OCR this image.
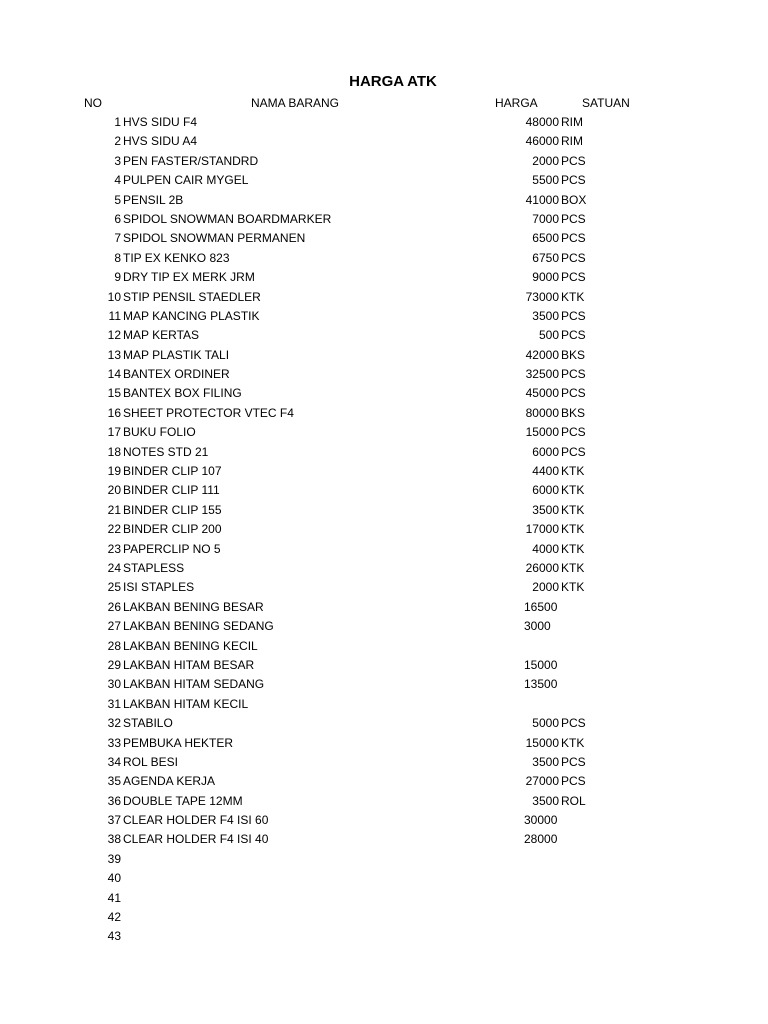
HARGA ATK
NO	NAMA BARANG	HARGA	SATUAN
1 HVS SIDU F4	48000 RIM
2 HVS SIDU A4	46000 RIM
3 PEN FASTER/STANDRD	2000 PCS
4 PULPEN CAIR MYGEL	5500 PCS
5 PENSIL 2B	41000 BOX
6 SPIDOL SNOWMAN BOARDMARKER	7000 PCS
7 SPIDOL SNOWMAN PERMANEN	6500 PCS
8 TIP EX KENKO 823	6750 PCS
9 DRY TIP EX MERK JRM	9000 PCS
10 STIP PENSIL STAEDLER	73000 KTK
11 MAP KANCING PLASTIK	3500 PCS
12 MAP KERTAS	500 PCS
13 MAP PLASTIK TALI	42000 BKS
14 BANTEX ORDINER	32500 PCS
15 BANTEX BOX FILING	45000 PCS
16 SHEET PROTECTOR VTEC F4	80000 BKS
17 BUKU FOLIO	15000 PCS
18 NOTES STD 21	6000 PCS
19 BINDER CLIP 107	4400 KTK
20 BINDER CLIP 111	6000 KTK
21 BINDER CLIP 155	3500 KTK
22 BINDER CLIP 200	17000 KTK
23 PAPERCLIP NO 5	4000 KTK
24 STAPLESS	26000 KTK
25 ISI STAPLES	2000 KTK
26 LAKBAN BENING BESAR	16500
27 LAKBAN BENING SEDANG	3000
28 LAKBAN BENING KECIL
29 LAKBAN HITAM BESAR	15000
30 LAKBAN HITAM SEDANG	13500
31 LAKBAN HITAM KECIL
32 STABILO	5000 PCS
33 PEMBUKA HEKTER	15000 KTK
34 ROL BESI	3500 PCS
35 AGENDA KERJA	27000 PCS
36 DOUBLE TAPE 12MM	3500 ROL
37 CLEAR HOLDER F4 ISI 60	30000
38 CLEAR HOLDER F4 ISI 40	28000
39
40
41
42
43
